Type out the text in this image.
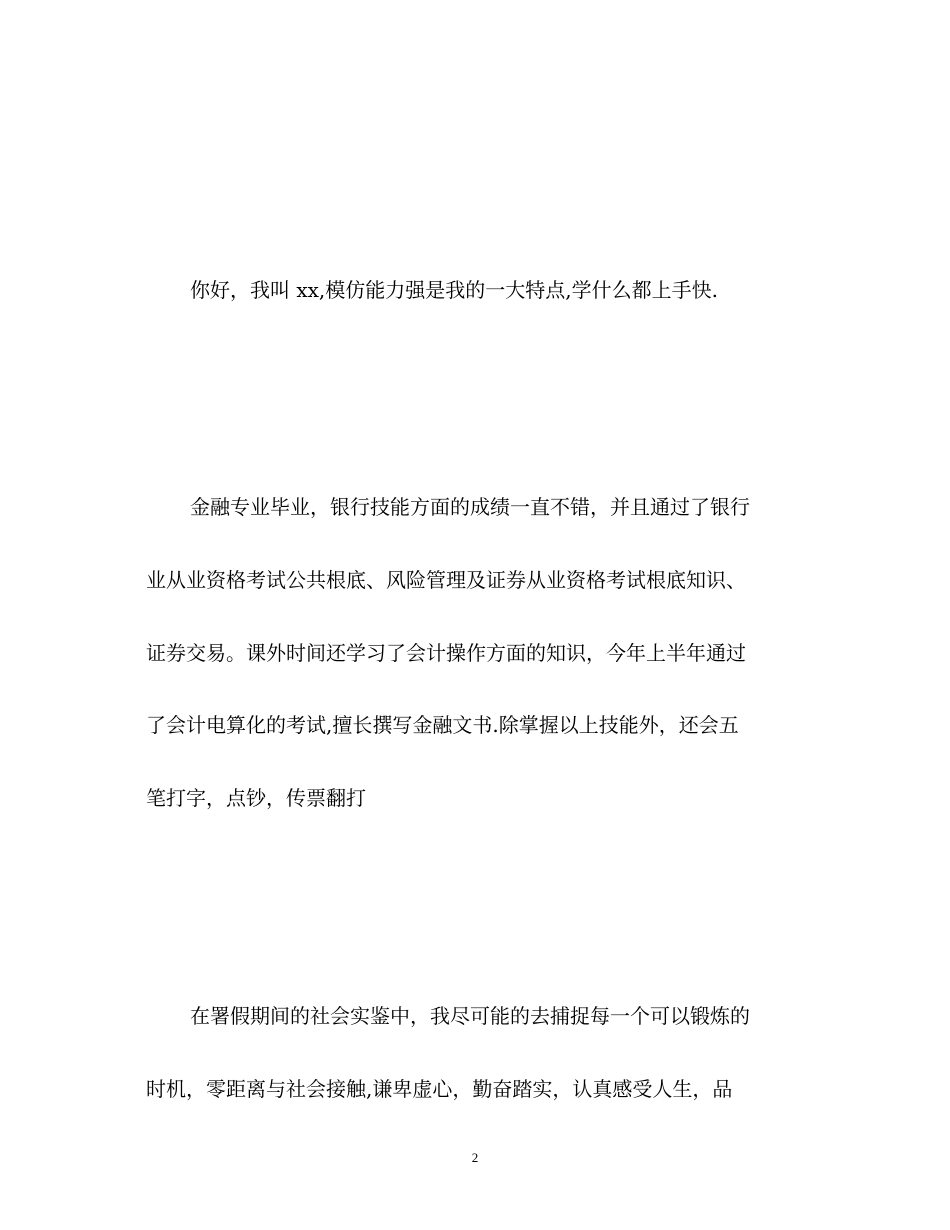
你好，我叫 xx,模仿能力强是我的一大特点,学什么都上手快.
金融专业毕业，银行技能方面的成绩一直不错，并且通过了银行
业从业资格考试公共根底、风险管理及证券从业资格考试根底知识、
证券交易。课外时间还学习了会计操作方面的知识，今年上半年通过
了会计电算化的考试,擅长撰写金融文书.除掌握以上技能外，还会五
笔打字，点钞，传票翻打
在署假期间的社会实鉴中，我尽可能的去捕捉每一个可以锻炼的
时机，零距离与社会接触,谦卑虚心，勤奋踏实，认真感受人生，品
2
